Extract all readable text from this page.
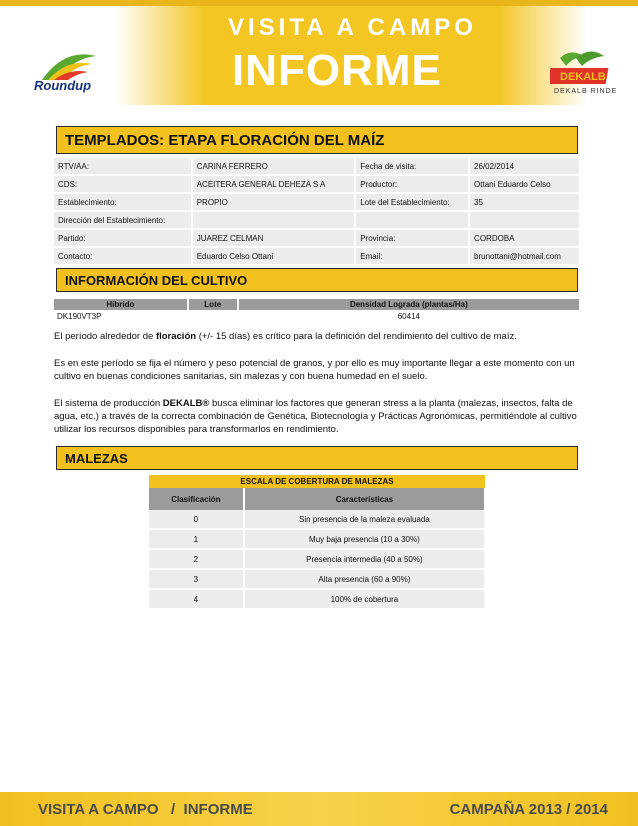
VISITA A CAMPO
INFORME
Roundup
DEKALB
DEKALB RINDE
TEMPLADOS: ETAPA FLORACIÓN DEL MAÍZ
RTV/AA:	CARINA FERRERO	Fecha de visita:	26/02/2014
CDS:	ACEITERA GENERAL DEHEZA S A	Productor:	Ottani Eduardo Celso
Establecimiento:	PROPIO	Lote del Establecimiento:	35
Dirección del Establecimiento:			
Partido:	JUAREZ CELMAN	Provincia:	CORDOBA
Contacto:	Eduardo Celso Ottani	Email:	brunottani@hotmail.com
INFORMACIÓN DEL CULTIVO
Híbrido	Lote	Densidad Lograda (plantas/Ha)
DK190VT3P		60414

El período alrededor de floración (+/- 15 días) es crítico para la definición del rendimiento del cultivo de maíz.

Es en este período se fija el número y peso potencial de granos, y por ello es muy importante llegar a este momento con un cultivo en buenas condiciones sanitarias, sin malezas y con buena humedad en el suelo.

El sistema de producción DEKALB® busca eliminar los factores que generan stress a la planta (malezas, insectos, falta de agua, etc.) a través de la correcta combinación de Genética, Biotecnología y Prácticas Agronómicas, permitiéndole al cultivo utilizar los recursos disponibles para transformarlos en rendimiento.

MALEZAS
ESCALA DE COBERTURA DE MALEZAS	
Clasificación	Características
0	Sin presencia de la maleza evaluada
1	Muy baja presencia (10 a 30%)
2	Presencia intermedia (40 a 50%)
3	Alta presencia (60 a 90%)
4	100% de cobertura
VISITA A CAMPO   /  INFORME	CAMPAÑA 2013 / 2014
